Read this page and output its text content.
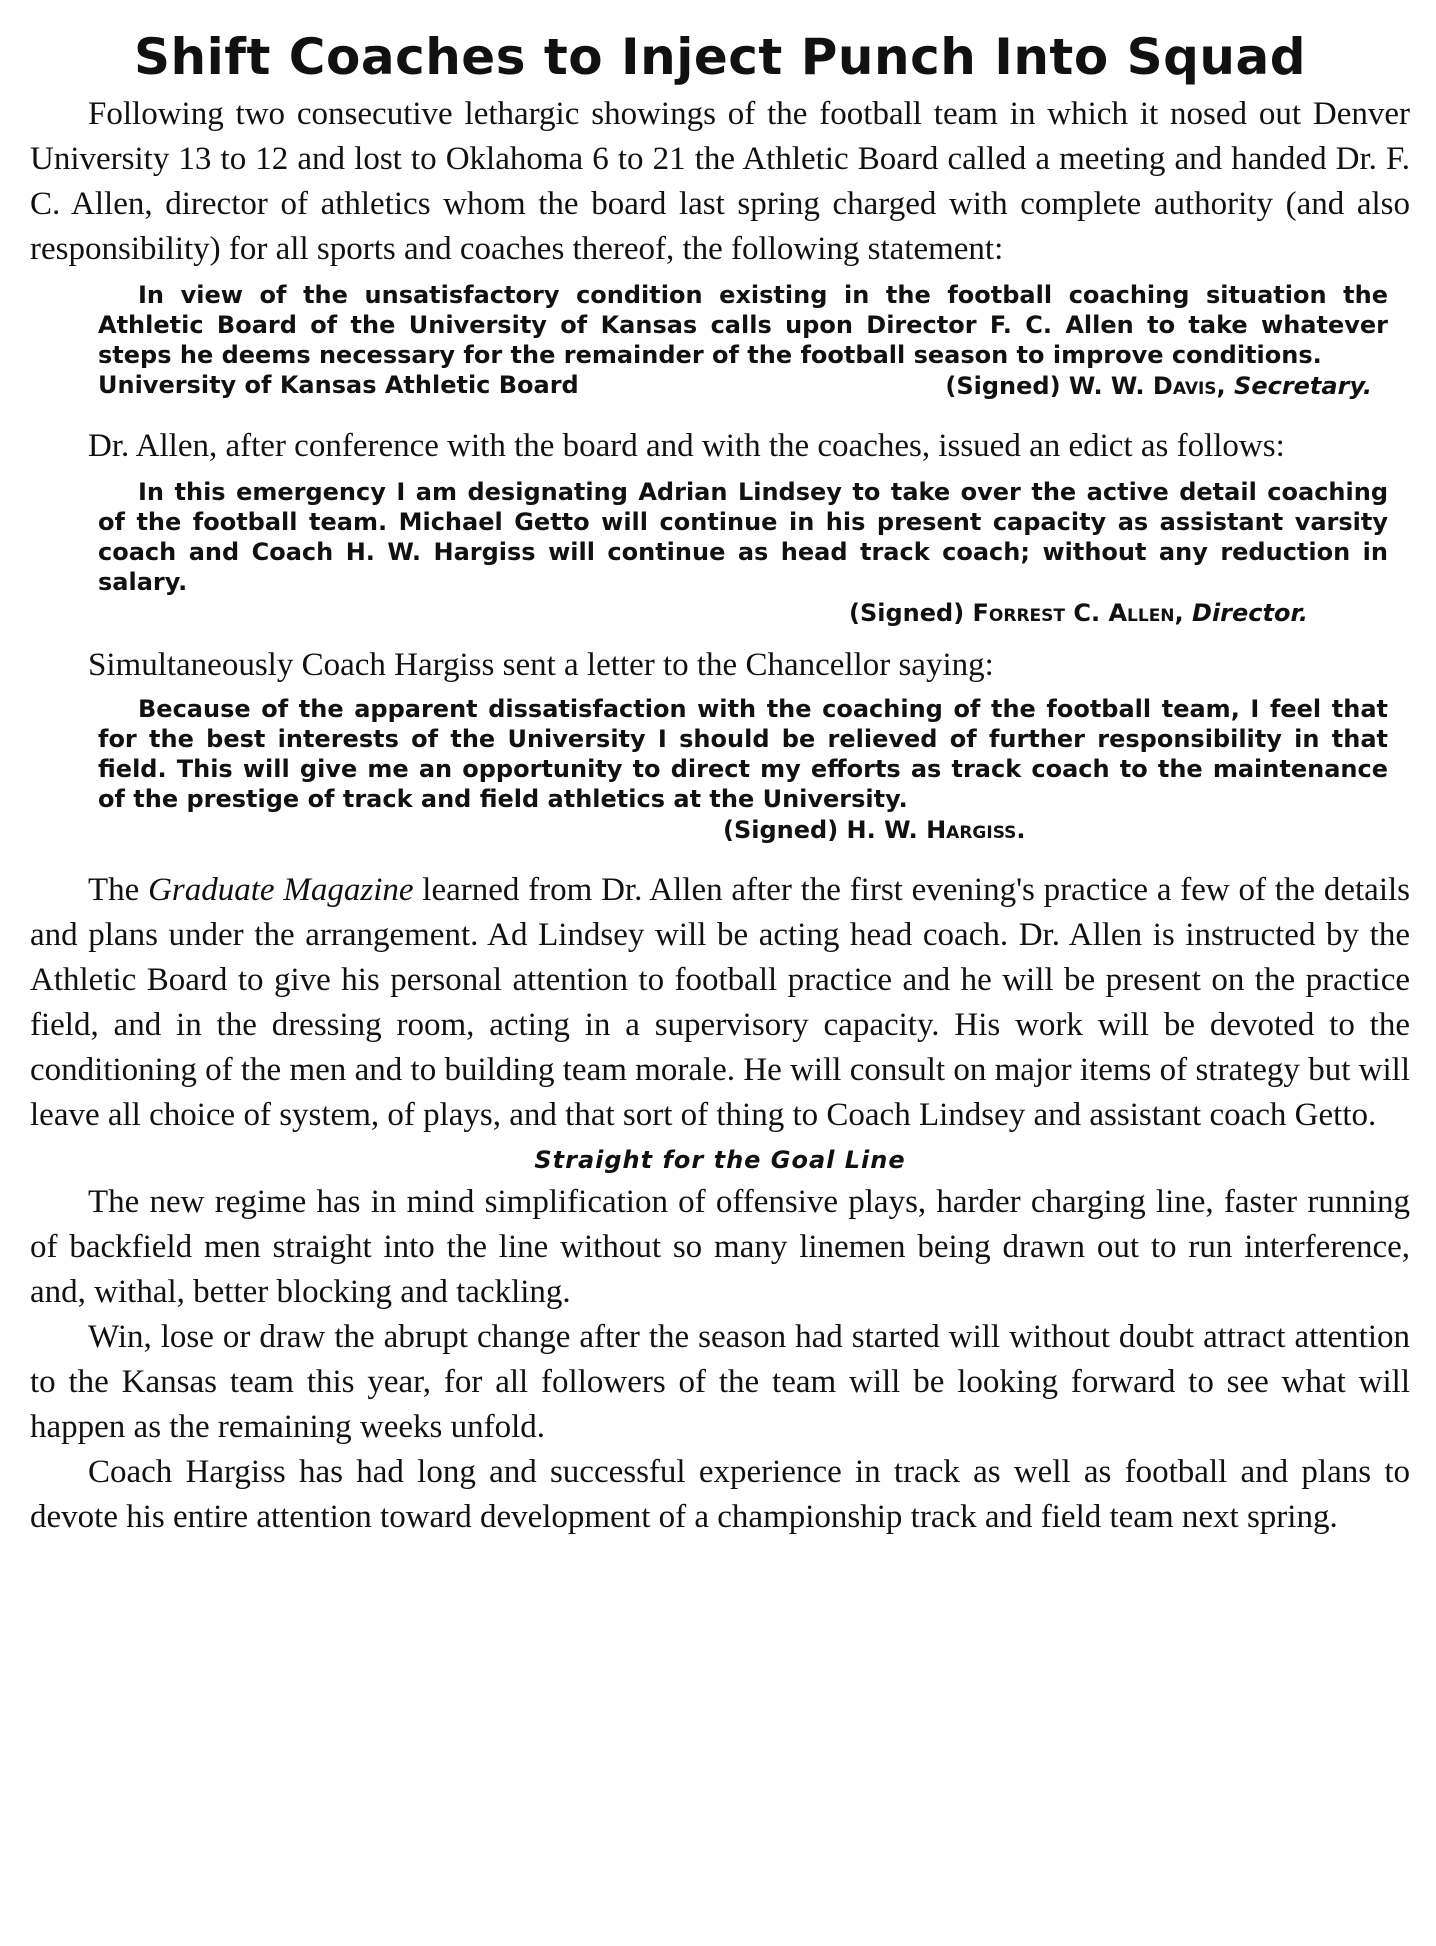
Shift Coaches to Inject Punch Into Squad

Following two consecutive lethargic showings of the football team in which it nosed out Denver University 13 to 12 and lost to Oklahoma 6 to 21 the Athletic Board called a meeting and handed Dr. F. C. Allen, director of athletics whom the board last spring charged with complete authority (and also responsibility) for all sports and coaches thereof, the following statement:

In view of the unsatisfactory condition existing in the football coaching situation the Athletic Board of the University of Kansas calls upon Director F. C. Allen to take whatever steps he deems necessary for the remainder of the football season to improve conditions.

University of Kansas Athletic Board	(Signed) W. W. Davis, Secretary.

Dr. Allen, after conference with the board and with the coaches, issued an edict as follows:

In this emergency I am designating Adrian Lindsey to take over the active detail coaching of the football team. Michael Getto will continue in his present capacity as assistant varsity coach and Coach H. W. Hargiss will continue as head track coach; without any reduction in salary.

(Signed) Forrest C. Allen, Director.

Simultaneously Coach Hargiss sent a letter to the Chancellor saying:

Because of the apparent dissatisfaction with the coaching of the football team, I feel that for the best interests of the University I should be relieved of further responsibility in that field. This will give me an opportunity to direct my efforts as track coach to the maintenance of the prestige of track and field athletics at the University.

(Signed) H. W. Hargiss.

The Graduate Magazine learned from Dr. Allen after the first evening's practice a few of the details and plans under the arrangement. Ad Lindsey will be acting head coach. Dr. Allen is instructed by the Athletic Board to give his personal attention to football practice and he will be present on the practice field, and in the dressing room, acting in a supervisory capacity. His work will be devoted to the conditioning of the men and to building team morale. He will consult on major items of strategy but will leave all choice of system, of plays, and that sort of thing to Coach Lindsey and assistant coach Getto.

Straight for the Goal Line

The new regime has in mind simplification of offensive plays, harder charging line, faster running of backfield men straight into the line without so many linemen being drawn out to run interference, and, withal, better blocking and tackling.

Win, lose or draw the abrupt change after the season had started will without doubt attract attention to the Kansas team this year, for all followers of the team will be looking forward to see what will happen as the remaining weeks unfold.

Coach Hargiss has had long and successful experience in track as well as football and plans to devote his entire attention toward development of a championship track and field team next spring.
